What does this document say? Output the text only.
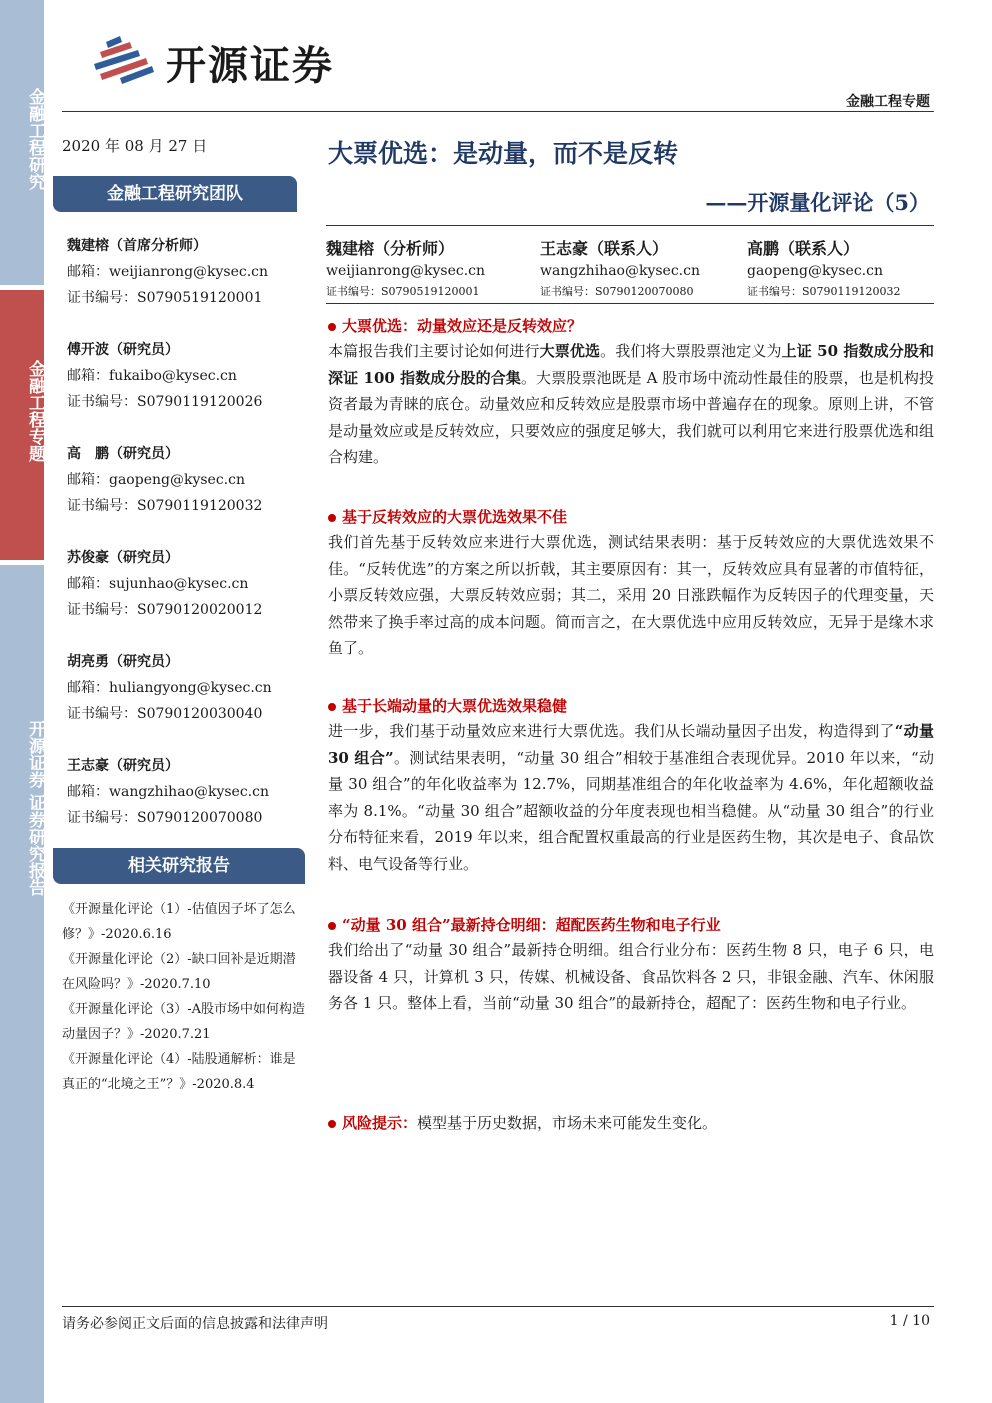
金融工程研究
金融工程专题
开源证券 证券研究报告
开源证券
金融工程专题
2020 年 08 月 27 日
金融工程研究团队
魏建榕（首席分析师）
邮箱：weijianrong@kysec.cn
证书编号：S0790519120001
傅开波（研究员）
邮箱：fukaibo@kysec.cn
证书编号：S0790119120026
高　鹏（研究员）
邮箱：gaopeng@kysec.cn
证书编号：S0790119120032
苏俊豪（研究员）
邮箱：sujunhao@kysec.cn
证书编号：S0790120020012
胡亮勇（研究员）
邮箱：huliangyong@kysec.cn
证书编号：S0790120030040
王志豪（研究员）
邮箱：wangzhihao@kysec.cn
证书编号：S0790120070080
相关研究报告
《开源量化评论（1）-估值因子坏了怎么修？》-2020.6.16
《开源量化评论（2）-缺口回补是近期潜在风险吗？》-2020.7.10
《开源量化评论（3）-A股市场中如何构造动量因子？》-2020.7.21
《开源量化评论（4）-陆股通解析：谁是真正的“北境之王”？》-2020.8.4
大票优选：是动量，而不是反转
——开源量化评论（5）
魏建榕（分析师）
weijianrong@kysec.cn
证书编号：S0790519120001
王志豪（联系人）
wangzhihao@kysec.cn
证书编号：S0790120070080
高鹏（联系人）
gaopeng@kysec.cn
证书编号：S0790119120032
大票优选：动量效应还是反转效应？
本篇报告我们主要讨论如何进行大票优选。我们将大票股票池定义为上证 50 指数成分股和深证 100 指数成分股的合集。大票股票池既是 A 股市场中流动性最佳的股票，也是机构投资者最为青睐的底仓。动量效应和反转效应是股票市场中普遍存在的现象。原则上讲，不管是动量效应或是反转效应，只要效应的强度足够大，我们就可以利用它来进行股票优选和组合构建。
基于反转效应的大票优选效果不佳
我们首先基于反转效应来进行大票优选，测试结果表明：基于反转效应的大票优选效果不佳。“反转优选”的方案之所以折戟，其主要原因有：其一，反转效应具有显著的市值特征，小票反转效应强，大票反转效应弱；其二，采用 20 日涨跌幅作为反转因子的代理变量，天然带来了换手率过高的成本问题。简而言之，在大票优选中应用反转效应，无异于是缘木求鱼了。
基于长端动量的大票优选效果稳健
进一步，我们基于动量效应来进行大票优选。我们从长端动量因子出发，构造得到了“动量 30 组合”。测试结果表明，“动量 30 组合”相较于基准组合表现优异。2010 年以来，“动量 30 组合”的年化收益率为 12.7%，同期基准组合的年化收益率为 4.6%，年化超额收益率为 8.1%。“动量 30 组合”超额收益的分年度表现也相当稳健。从“动量 30 组合”的行业分布特征来看，2019 年以来，组合配置权重最高的行业是医药生物，其次是电子、食品饮料、电气设备等行业。
“动量 30 组合”最新持仓明细：超配医药生物和电子行业
我们给出了“动量 30 组合”最新持仓明细。组合行业分布：医药生物 8 只，电子 6 只，电器设备 4 只，计算机 3 只，传媒、机械设备、食品饮料各 2 只，非银金融、汽车、休闲服务各 1 只。整体上看，当前“动量 30 组合”的最新持仓，超配了：医药生物和电子行业。
风险提示：模型基于历史数据，市场未来可能发生变化。
请务必参阅正文后面的信息披露和法律声明	1 / 10
